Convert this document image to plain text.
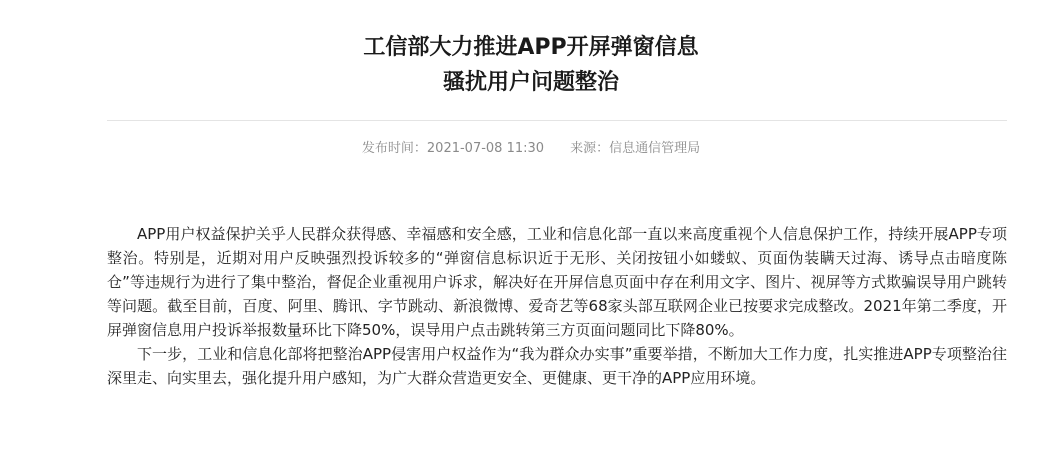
工信部大力推进APP开屏弹窗信息
骚扰用户问题整治
发布时间：2021-07-08 11:30 来源：信息通信管理局

APP用户权益保护关乎人民群众获得感、幸福感和安全感，工业和信息化部一直以来高度重视个人信息保护工作，持续开展APP专项整治。特别是，近期对用户反映强烈投诉较多的“弹窗信息标识近于无形、关闭按钮小如蝼蚁、页面伪装瞒天过海、诱导点击暗度陈仓”等违规行为进行了集中整治，督促企业重视用户诉求，解决好在开屏信息页面中存在利用文字、图片、视屏等方式欺骗误导用户跳转等问题。截至目前，百度、阿里、腾讯、字节跳动、新浪微博、爱奇艺等68家头部互联网企业已按要求完成整改。2021年第二季度，开屏弹窗信息用户投诉举报数量环比下降50%，误导用户点击跳转第三方页面问题同比下降80%。

下一步，工业和信息化部将把整治APP侵害用户权益作为“我为群众办实事”重要举措，不断加大工作力度，扎实推进APP专项整治往深里走、向实里去，强化提升用户感知，为广大群众营造更安全、更健康、更干净的APP应用环境。
